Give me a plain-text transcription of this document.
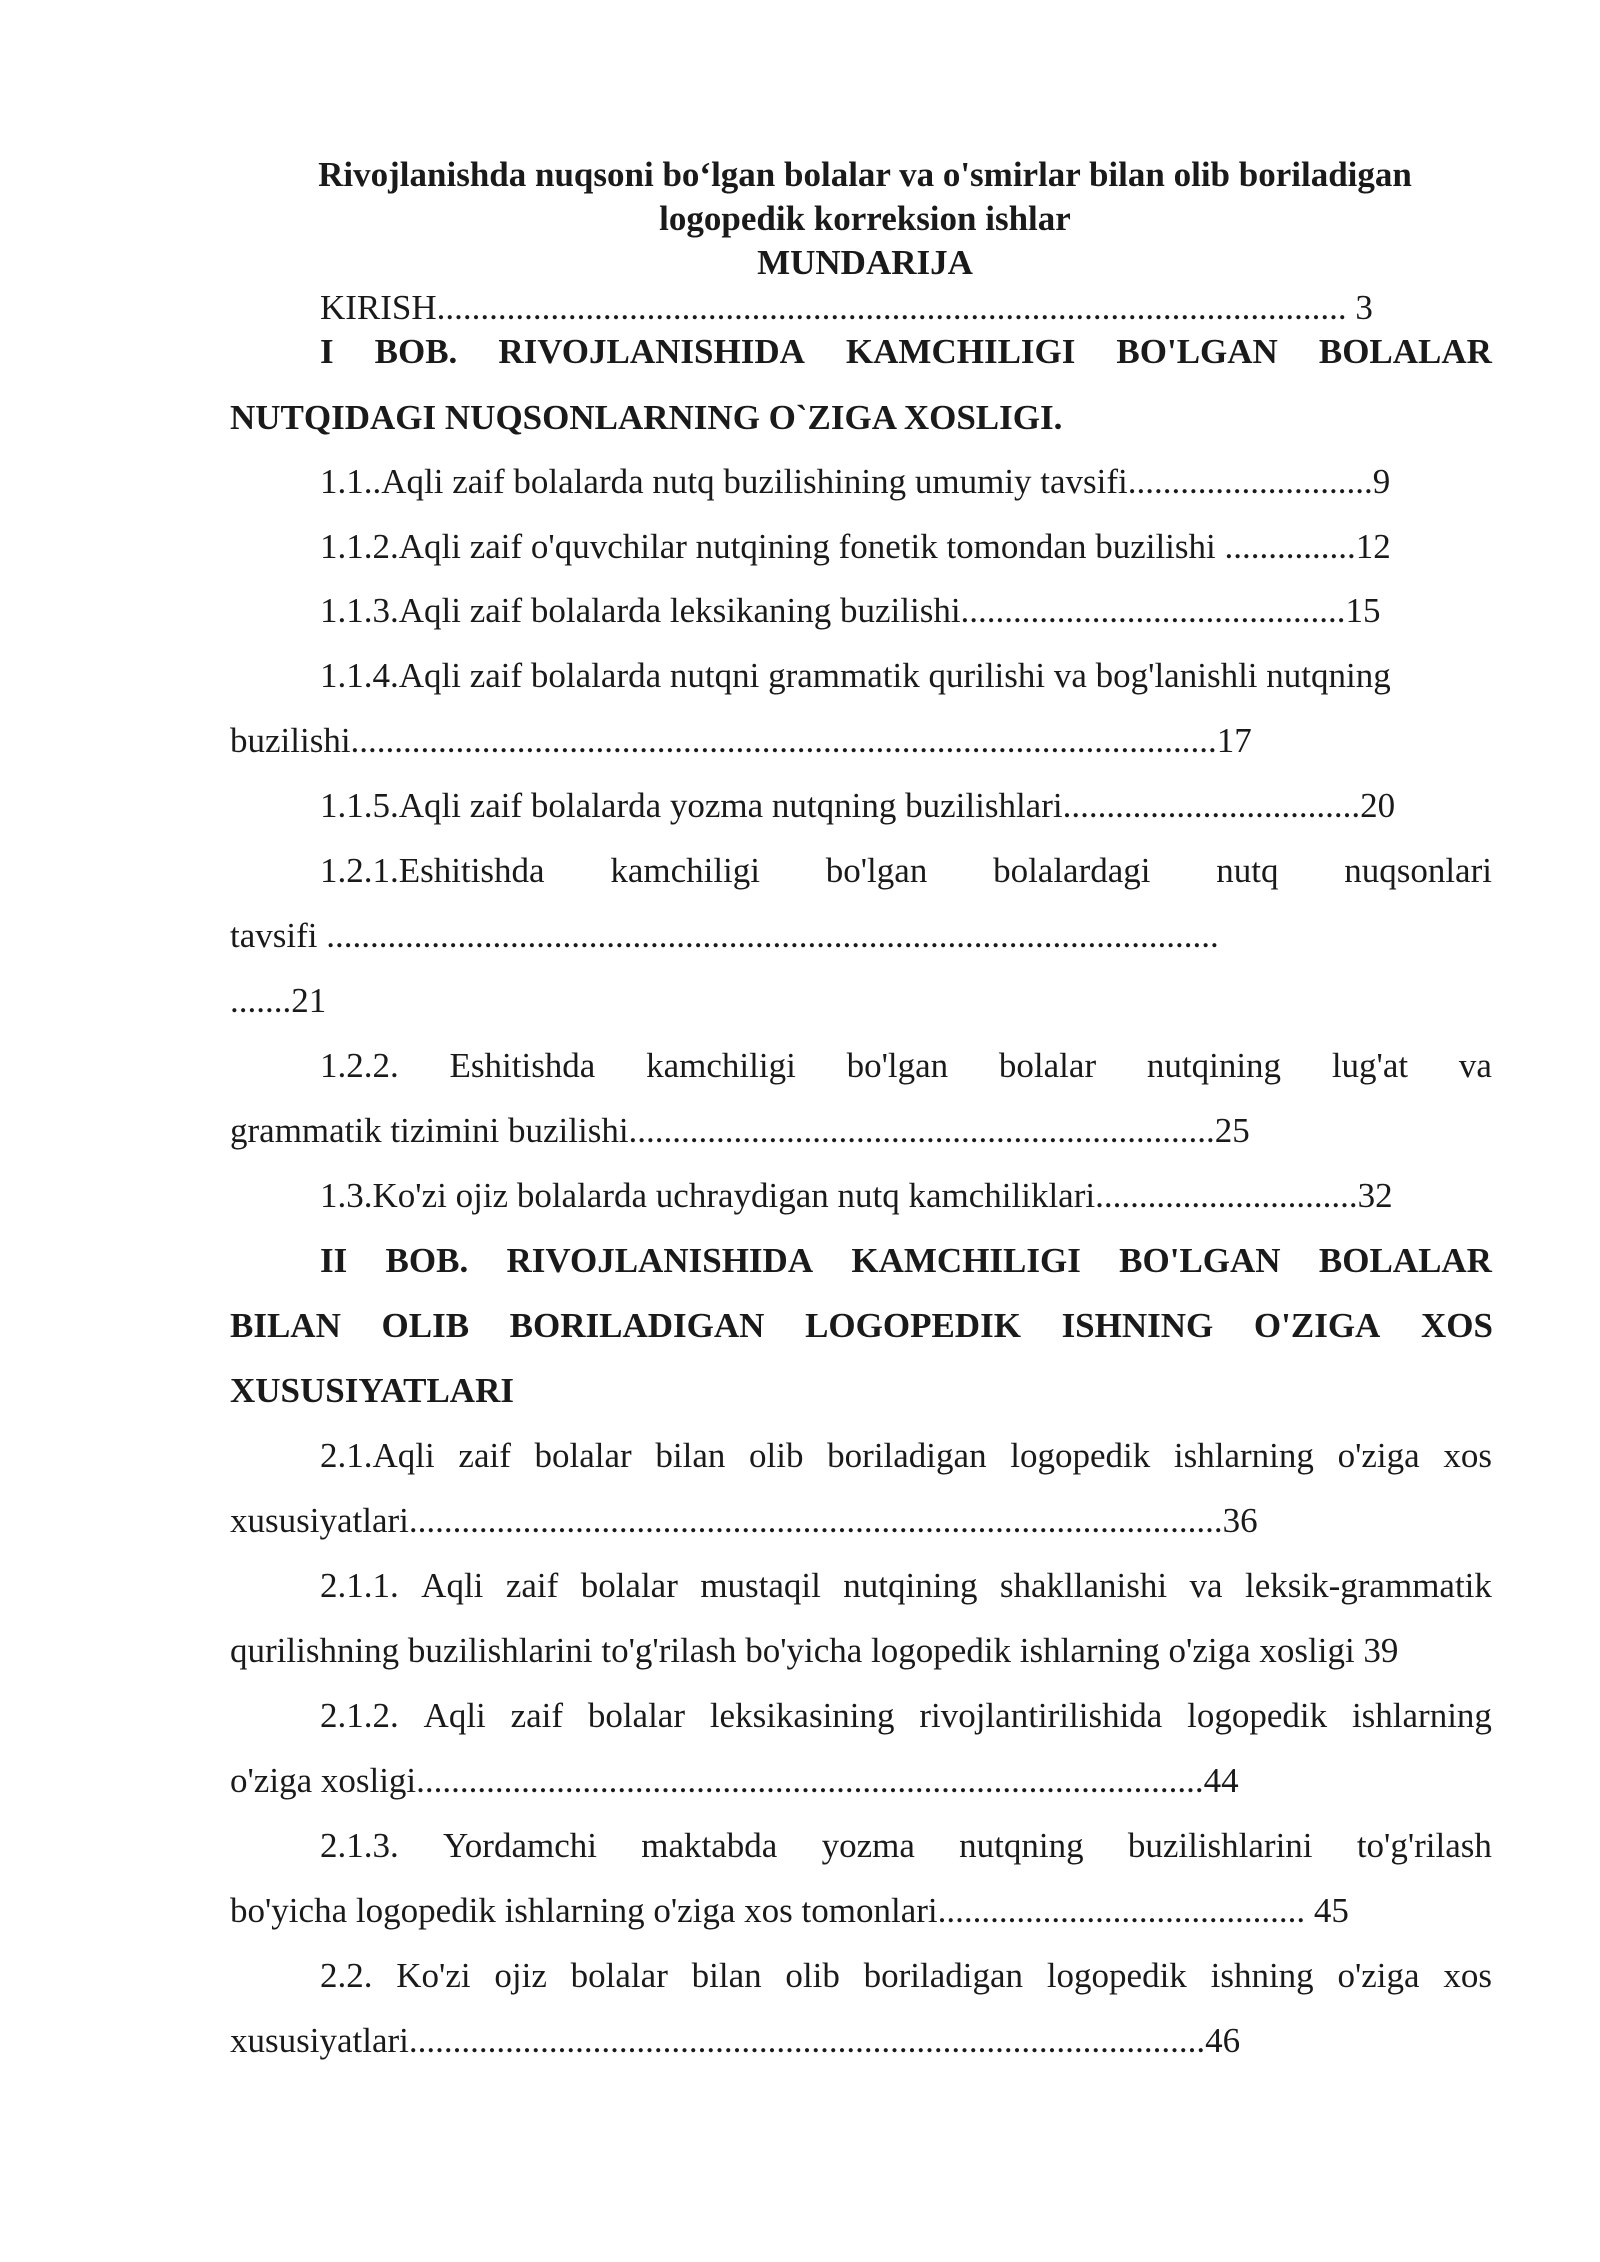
Rivojlanishda nuqsoni bo‘lgan bolalar va o'smirlar bilan olib boriladigan
logopedik korreksion ishlar
MUNDARIJA
KIRISH........................................................................................................ 3
I BOB. RIVOJLANISHIDA KAMCHILIGI BO'LGAN BOLALAR
NUTQIDAGI NUQSONLARNING O`ZIGA XOSLIGI.
1.1..Aqli zaif bolalarda nutq buzilishining umumiy tavsifi............................9
1.1.2.Aqli zaif o'quvchilar nutqining fonetik tomondan buzilishi ...............12
1.1.3.Aqli zaif bolalarda leksikaning buzilishi............................................15
1.1.4.Aqli zaif bolalarda nutqni grammatik qurilishi va bog'lanishli nutqning
buzilishi...................................................................................................17
1.1.5.Aqli zaif bolalarda yozma nutqning buzilishlari..................................20
1.2.1.Eshitishda kamchiligi bo'lgan bolalardagi nutq nuqsonlari
tavsifi ......................................................................................................
.......21
1.2.2. Eshitishda kamchiligi bo'lgan bolalar nutqining lug'at va
grammatik tizimini buzilishi...................................................................25
1.3.Ko'zi ojiz bolalarda uchraydigan nutq kamchiliklari..............................32
II BOB. RIVOJLANISHIDA KAMCHILIGI BO'LGAN BOLALAR
BILAN OLIB BORILADIGAN LOGOPEDIK ISHNING O'ZIGA XOS
XUSUSIYATLARI
2.1.Aqli zaif bolalar bilan olib boriladigan logopedik ishlarning o'ziga xos
xususiyatlari.............................................................................................36
2.1.1. Aqli zaif bolalar mustaqil nutqining shakllanishi va leksik-grammatik
qurilishning buzilishlarini to'g'rilash bo'yicha logopedik ishlarning o'ziga xosligi 39
2.1.2. Aqli zaif bolalar leksikasining rivojlantirilishida logopedik ishlarning
o'ziga xosligi..........................................................................................44
2.1.3. Yordamchi maktabda yozma nutqning buzilishlarini to'g'rilash
bo'yicha logopedik ishlarning o'ziga xos tomonlari.......................................... 45
2.2. Ko'zi ojiz bolalar bilan olib boriladigan logopedik ishning o'ziga xos
xususiyatlari...........................................................................................46
